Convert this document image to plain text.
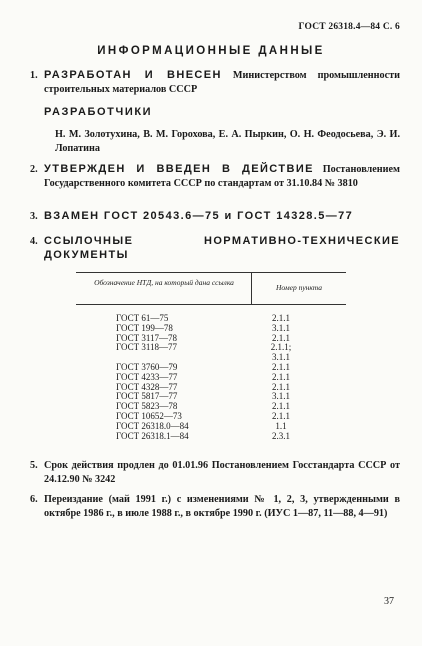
ГОСТ 26318.4—84 С. 6
ИНФОРМАЦИОННЫЕ ДАННЫЕ
1. РАЗРАБОТАН И ВНЕСЕН Министерством промышленности строительных материалов СССР
РАЗРАБОТЧИКИ
Н. М. Золотухина, В. М. Горохова, Е. А. Пыркин, О. Н. Феодосьева, Э. И. Лопатина
2. УТВЕРЖДЕН И ВВЕДЕН В ДЕЙСТВИЕ Постановлением Государственного комитета СССР по стандартам от 31.10.84 № 3810
3. ВЗАМЕН ГОСТ 20543.6—75 и ГОСТ 14328.5—77
4. ССЫЛОЧНЫЕ НОРМАТИВНО-ТЕХНИЧЕСКИЕ ДОКУМЕНТЫ
Обозначение НТД, на который дана ссылка
Номер пункта
ГОСТ 61—75	2.1.1
ГОСТ 199—78	3.1.1
ГОСТ 3117—78	2.1.1
ГОСТ 3118—77	2.1.1;
3.1.1
ГОСТ 3760—79	2.1.1
ГОСТ 4233—77	2.1.1
ГОСТ 4328—77	2.1.1
ГОСТ 5817—77	3.1.1
ГОСТ 5823—78	2.1.1
ГОСТ 10652—73	2.1.1
ГОСТ 26318.0—84	1.1
ГОСТ 26318.1—84	2.3.1
5. Срок действия продлен до 01.01.96 Постановлением Госстандарта СССР от 24.12.90 № 3242
6. Переиздание (май 1991 г.) с изменениями № 1, 2, 3, утвержденными в октябре 1986 г., в июле 1988 г., в октябре 1990 г. (ИУС 1—87, 11—88, 4—91)
37
